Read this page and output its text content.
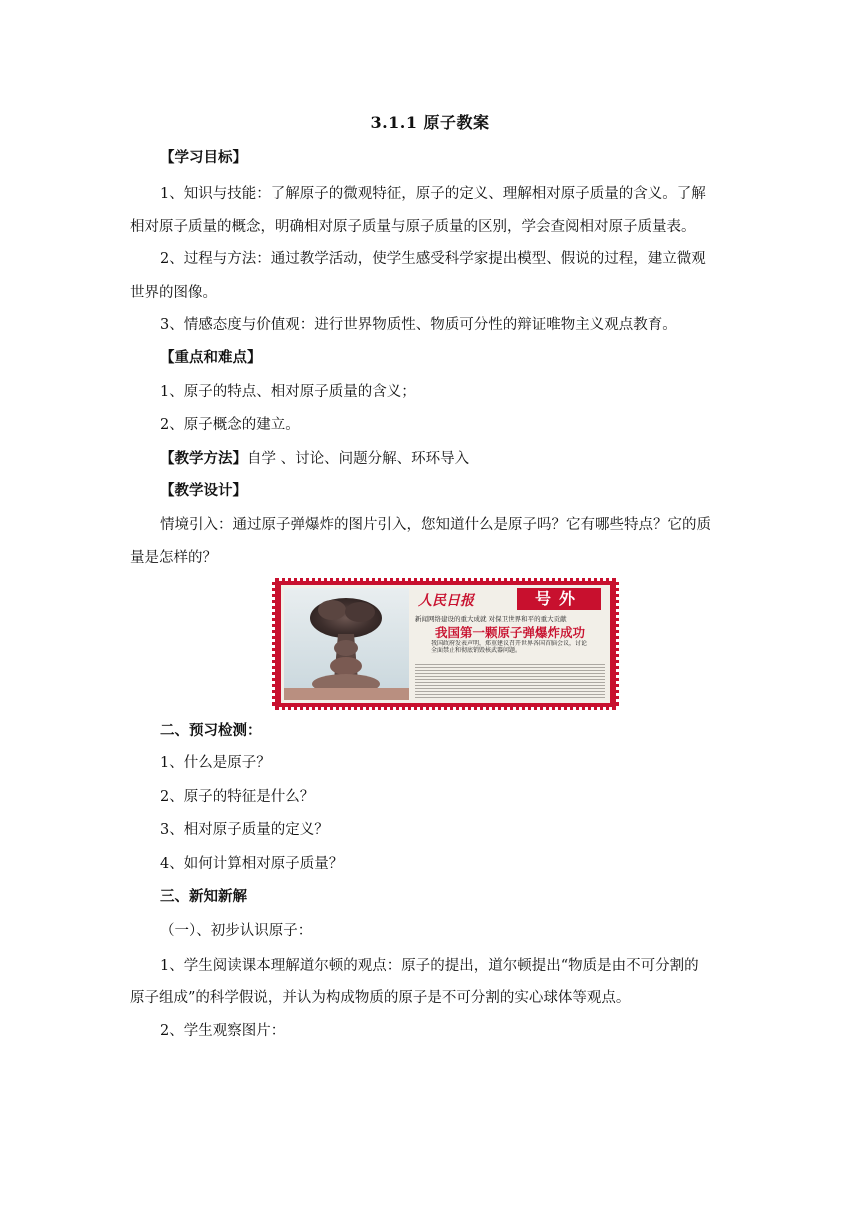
3.1.1 原子教案
【学习目标】
1、知识与技能：了解原子的微观特征，原子的定义、理解相对原子质量的含义。了解
相对原子质量的概念，明确相对原子质量与原子质量的区别，学会查阅相对原子质量表。
2、过程与方法：通过教学活动，使学生感受科学家提出模型、假说的过程，建立微观
世界的图像。
3、情感态度与价值观：进行世界物质性、物质可分性的辩证唯物主义观点教育。
【重点和难点】
1、原子的特点、相对原子质量的含义；
2、原子概念的建立。
【教学方法】自学 、讨论、问题分解、环环导入
【教学设计】
情境引入：通过原子弹爆炸的图片引入，您知道什么是原子吗？它有哪些特点？它的质
量是怎样的？
人民日报	号外
新闻网络建设的重大成就 对保卫世界和平的重大贡献
我国第一颗原子弹爆炸成功
我国政府发表声明，郑重建议召开世界各国首脑会议，讨论全面禁止和彻底销毁核武器问题。
二、预习检测：
1、什么是原子？
2、原子的特征是什么？
3、相对原子质量的定义？
4、如何计算相对原子质量？
三、新知新解
（一）、初步认识原子：
1、学生阅读课本理解道尔顿的观点：原子的提出，道尔顿提出“物质是由不可分割的
原子组成”的科学假说，并认为构成物质的原子是不可分割的实心球体等观点。
2、学生观察图片：
